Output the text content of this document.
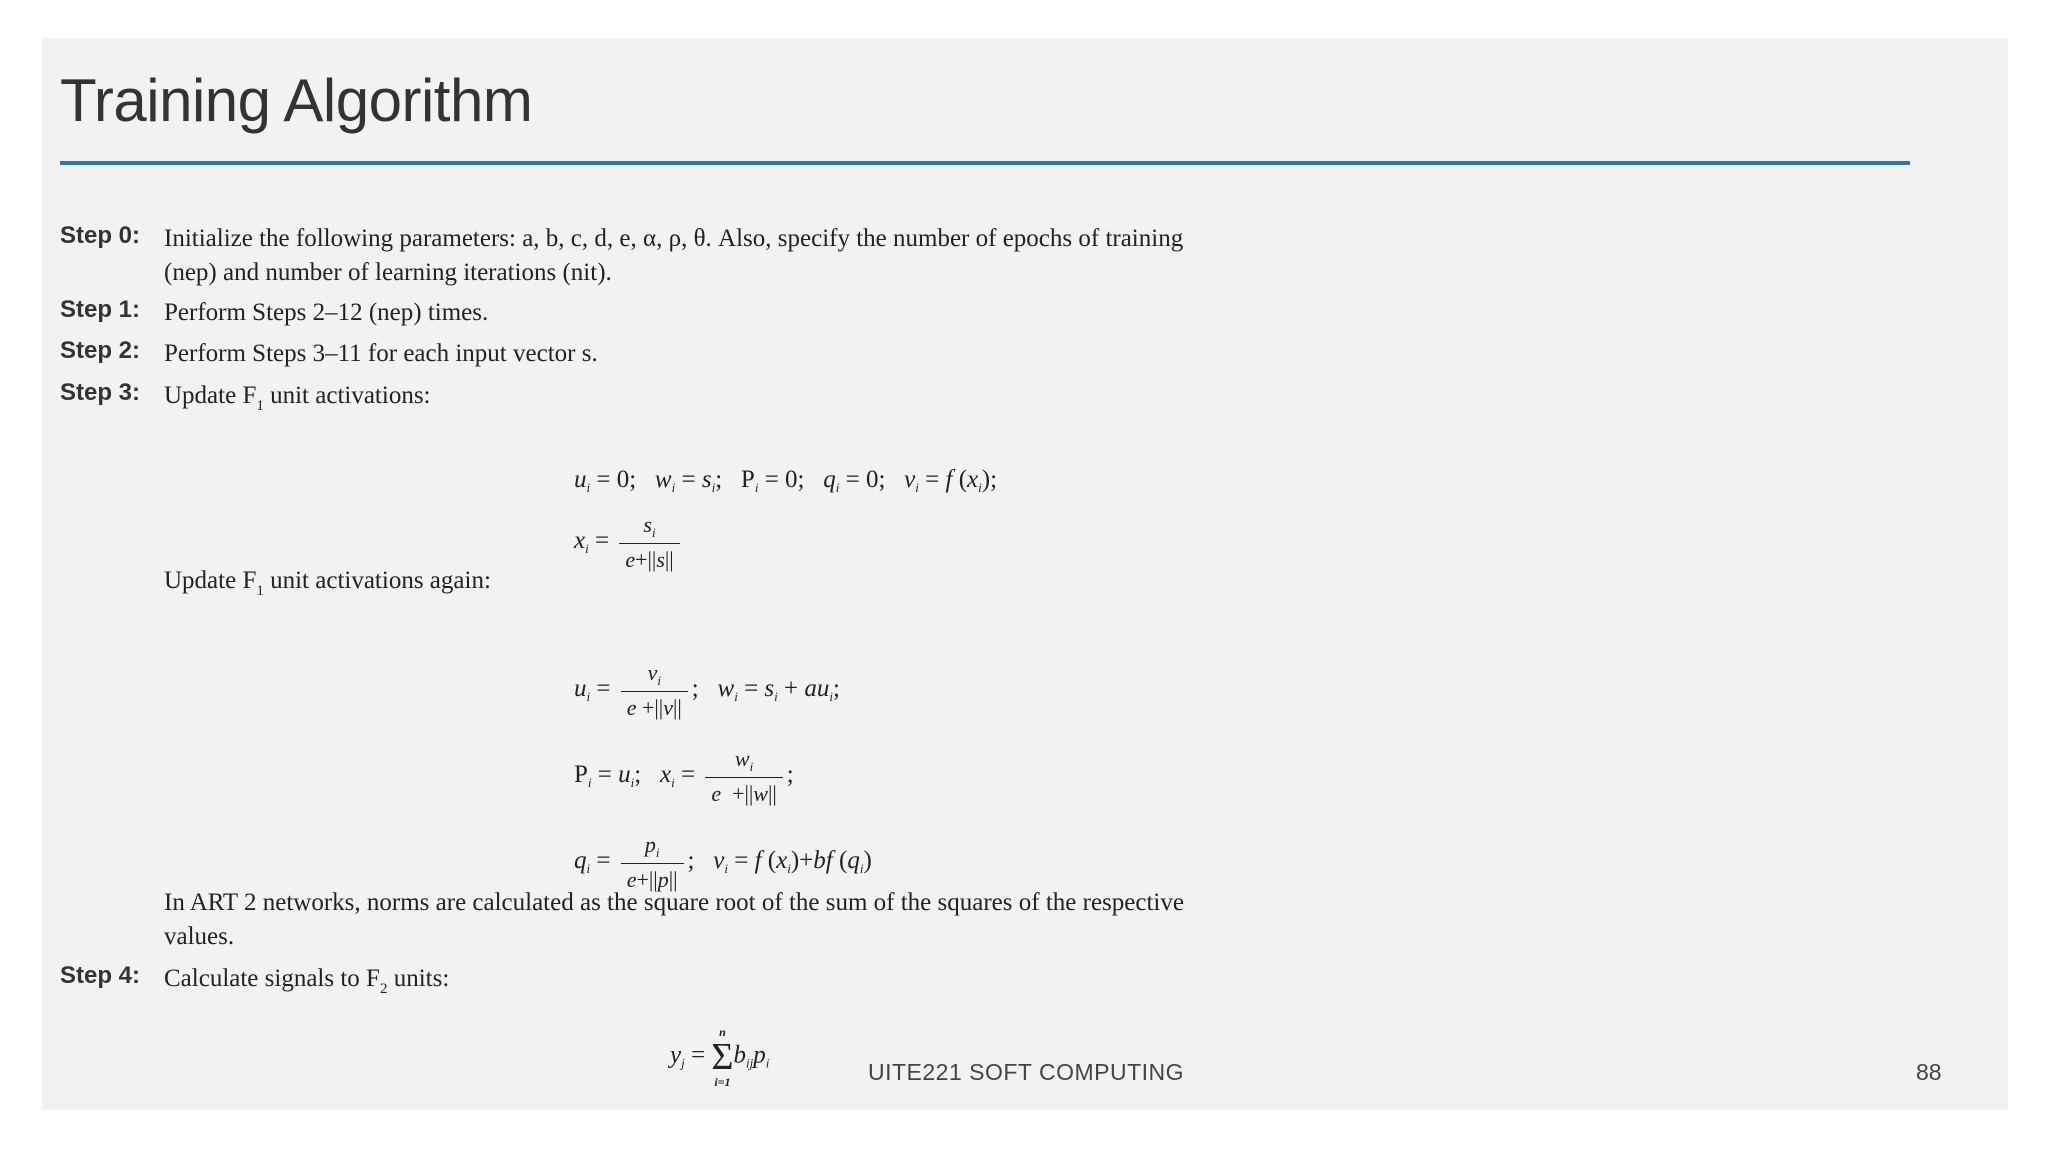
Training Algorithm
Step 0: Initialize the following parameters: a, b, c, d, e, α, ρ, θ. Also, specify the number of epochs of training
(nep) and number of learning iterations (nit).
Step 1: Perform Steps 2–12 (nep) times.
Step 2: Perform Steps 3–11 for each input vector s.
Step 3: Update $F_1$ unit activations:
Update $F_1$ unit activations again:
In ART 2 networks, norms are calculated as the square root of the sum of the squares of the respective
values.
Step 4: Calculate signals to $F_2$ units:
$u_i = 0$;   $w_i = s_i$; $P_i = 0$;   $q_i = 0$;   $v_i = f$ $(x_i)$;
$x_i = \frac{s_i}{e+||s||}$
$u_i = \frac{v_i}{e +||v||}$ ;   $w_i = s_i + au_i$;
$P_i = u_i$;   $x_i = \frac{w_i}{e +||w||}$ ;
$q_i = \frac{p_i}{e+||p||}$ ;   $v_i = f$ $(x_i)+bf$ $(q_i)$
$y_j$ =
n
Σ
i=1
$b_{ij}p_i$	UITE221 SOFT COMPUTING	88
